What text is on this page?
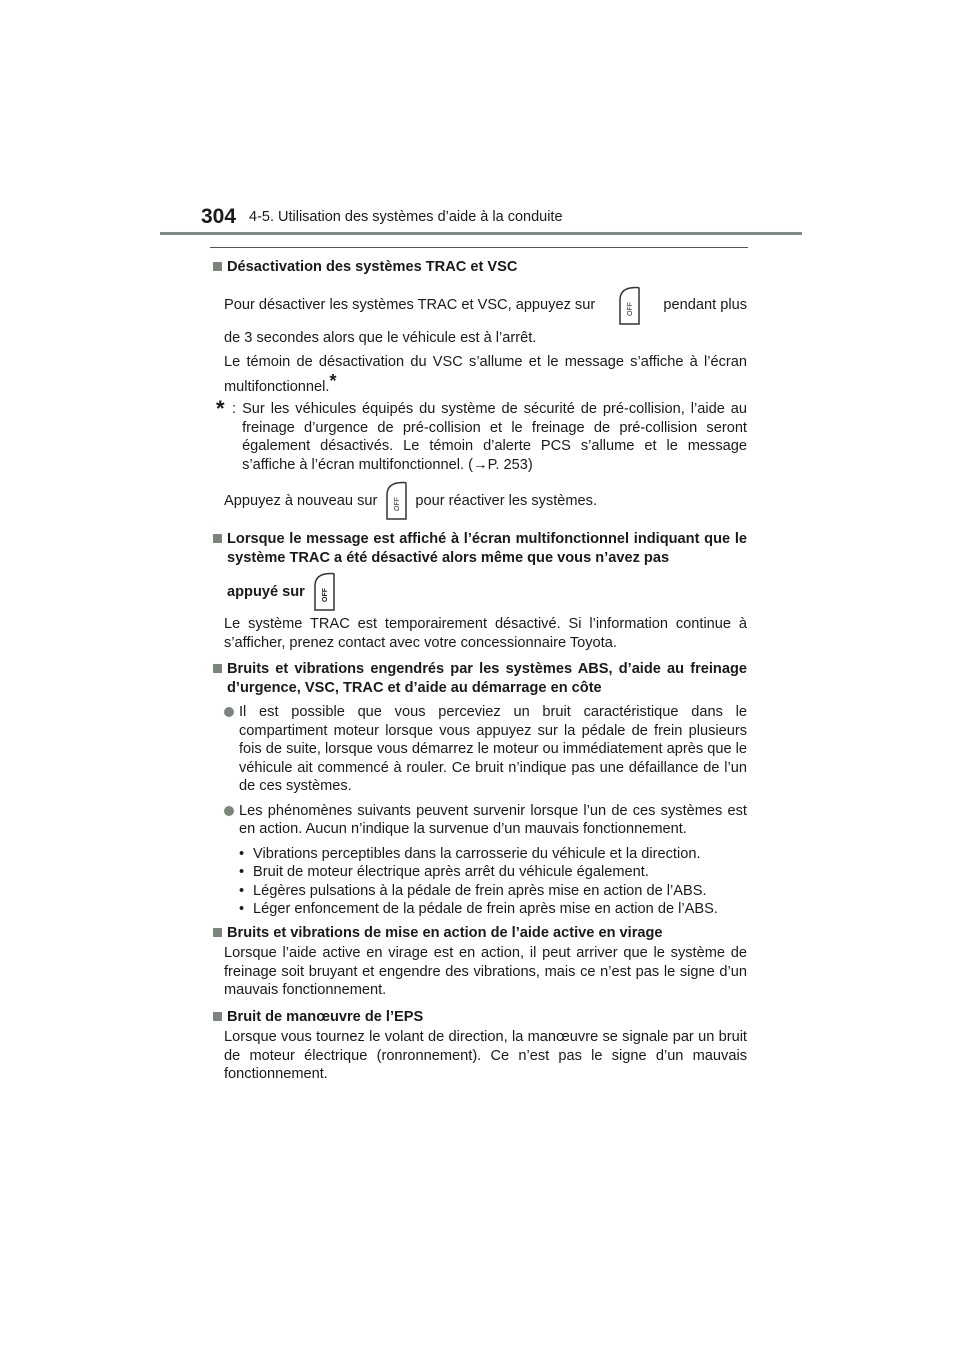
304 4-5. Utilisation des systèmes d’aide à la conduite
Désactivation des systèmes TRAC et VSC
Pour désactiver les systèmes TRAC et VSC, appuyez sur	OFF pendant plus
de 3 secondes alors que le véhicule est à l’arrêt.
Le témoin de désactivation du VSC s’allume et le message s’affiche à l’écran multifonctionnel.*
* : Sur les véhicules équipés du système de sécurité de pré-collision, l’aide au freinage d’urgence de pré-collision et le freinage de pré-collision seront également désactivés. Le témoin d’alerte PCS s’allume et le message s’affiche à l’écran multifonctionnel. (→P. 253)
Appuyez à nouveau sur OFF pour réactiver les systèmes.
Lorsque le message est affiché à l’écran multifonctionnel indiquant que le système TRAC a été désactivé alors même que vous n’avez pas
appuyé sur OFF
Le système TRAC est temporairement désactivé. Si l’information continue à s’afficher, prenez contact avec votre concessionnaire Toyota.
Bruits et vibrations engendrés par les systèmes ABS, d’aide au freinage d’urgence, VSC, TRAC et d’aide au démarrage en côte
Il est possible que vous perceviez un bruit caractéristique dans le compartiment moteur lorsque vous appuyez sur la pédale de frein plusieurs fois de suite, lorsque vous démarrez le moteur ou immédiatement après que le véhicule ait commencé à rouler. Ce bruit n’indique pas une défaillance de l’un de ces systèmes.
Les phénomènes suivants peuvent survenir lorsque l’un de ces systèmes est en action. Aucun n’indique la survenue d’un mauvais fonctionnement.
• Vibrations perceptibles dans la carrosserie du véhicule et la direction.
• Bruit de moteur électrique après arrêt du véhicule également.
• Légères pulsations à la pédale de frein après mise en action de l’ABS.
• Léger enfoncement de la pédale de frein après mise en action de l’ABS.
Bruits et vibrations de mise en action de l’aide active en virage
Lorsque l’aide active en virage est en action, il peut arriver que le système de freinage soit bruyant et engendre des vibrations, mais ce n’est pas le signe d’un mauvais fonctionnement.
Bruit de manœuvre de l’EPS
Lorsque vous tournez le volant de direction, la manœuvre se signale par un bruit de moteur électrique (ronronnement). Ce n’est pas le signe d’un mauvais fonctionnement.
